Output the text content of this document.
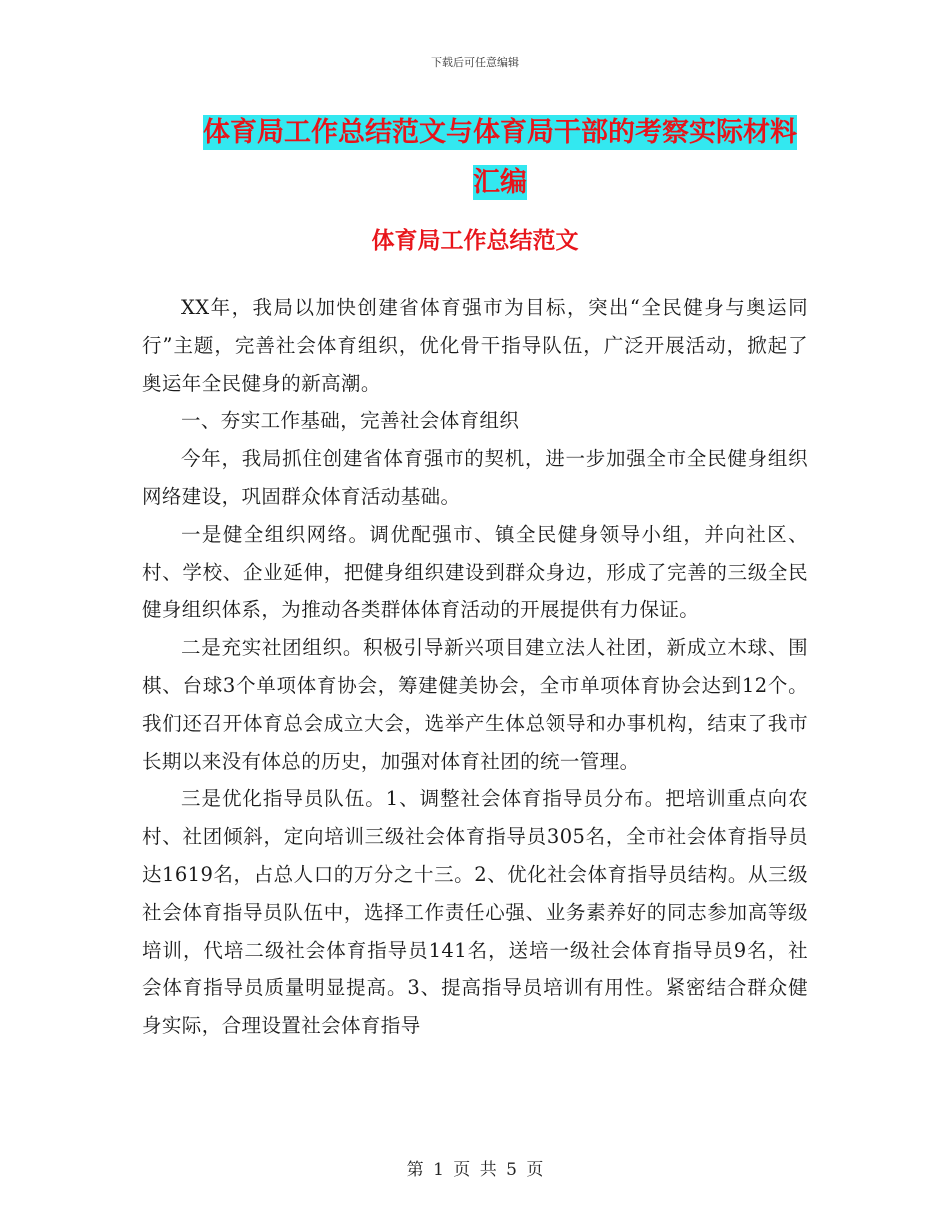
下载后可任意编辑
体育局工作总结范文与体育局干部的考察实际材料汇编
体育局工作总结范文

XX年，我局以加快创建省体育强市为目标，突出“全民健身与奥运同行”主题，完善社会体育组织，优化骨干指导队伍，广泛开展活动，掀起了奥运年全民健身的新高潮。

一、夯实工作基础，完善社会体育组织

今年，我局抓住创建省体育强市的契机，进一步加强全市全民健身组织网络建设，巩固群众体育活动基础。

一是健全组织网络。调优配强市、镇全民健身领导小组，并向社区、村、学校、企业延伸，把健身组织建设到群众身边，形成了完善的三级全民健身组织体系，为推动各类群体体育活动的开展提供有力保证。

二是充实社团组织。积极引导新兴项目建立法人社团，新成立木球、围棋、台球3个单项体育协会，筹建健美协会，全市单项体育协会达到12个。我们还召开体育总会成立大会，选举产生体总领导和办事机构，结束了我市长期以来没有体总的历史，加强对体育社团的统一管理。

三是优化指导员队伍。1、调整社会体育指导员分布。把培训重点向农村、社团倾斜，定向培训三级社会体育指导员305名，全市社会体育指导员达1619名，占总人口的万分之十三。2、优化社会体育指导员结构。从三级社会体育指导员队伍中，选择工作责任心强、业务素养好的同志参加高等级培训，代培二级社会体育指导员141名，送培一级社会体育指导员9名，社会体育指导员质量明显提高。3、提高指导员培训有用性。紧密结合群众健身实际，合理设置社会体育指导

第 1 页 共 5 页
